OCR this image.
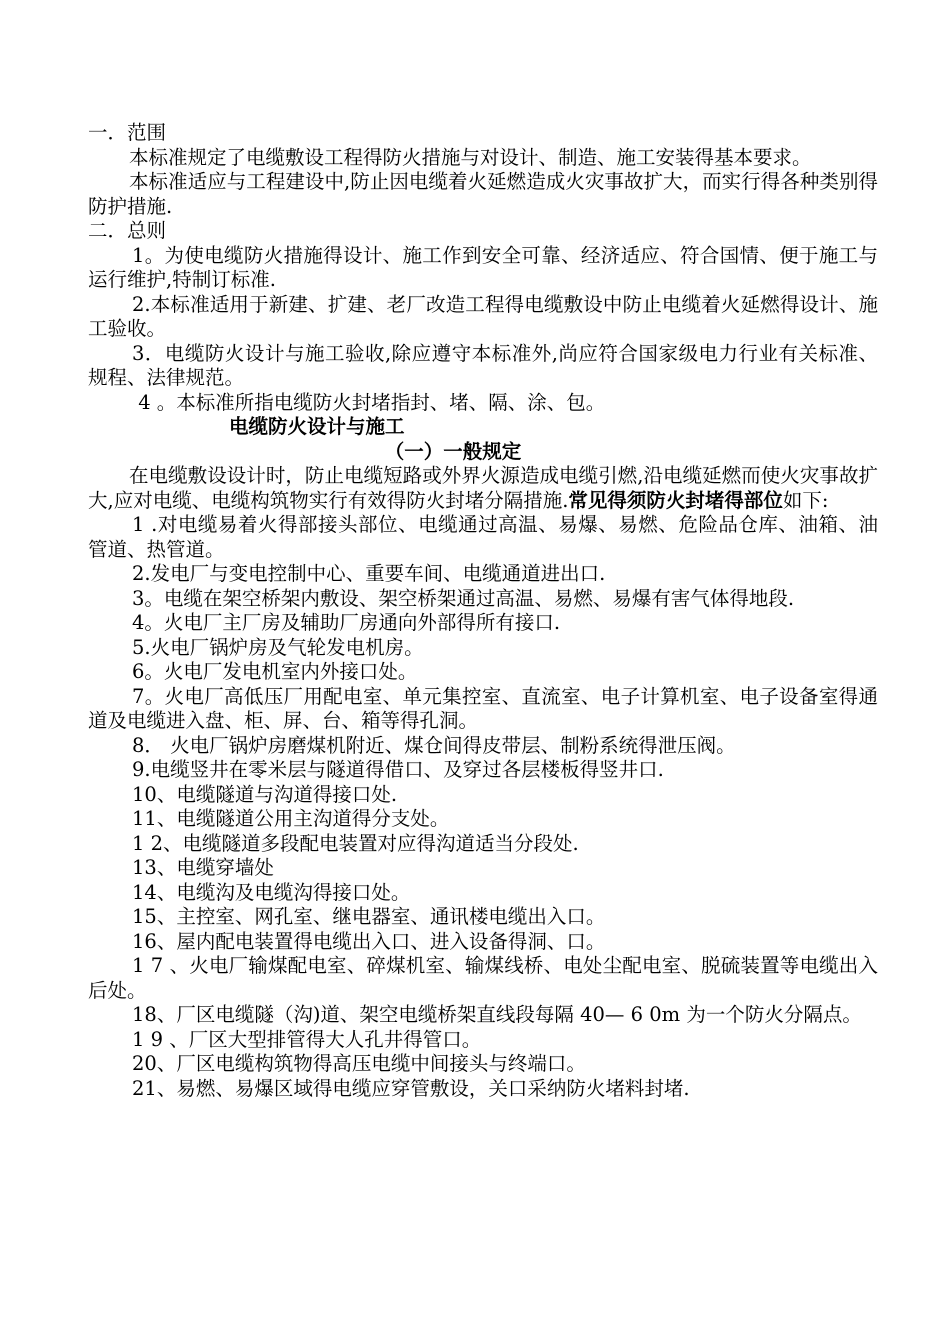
一．范围

本标准规定了电缆敷设工程得防火措施与对设计、制造、施工安装得基本要求。

本标准适应与工程建设中,防止因电缆着火延燃造成火灾事故扩大，而实行得各种类别得防护措施.

二．总则

1。为使电缆防火措施得设计、施工作到安全可靠、经济适应、符合国情、便于施工与运行维护,特制订标准.

2.本标准适用于新建、扩建、老厂改造工程得电缆敷设中防止电缆着火延燃得设计、施工验收。

3．电缆防火设计与施工验收,除应遵守本标准外,尚应符合国家级电力行业有关标准、规程、法律规范。

4 。本标准所指电缆防火封堵指封、堵、隔、涂、包。

电缆防火设计与施工

（一）一般规定

在电缆敷设设计时，防止电缆短路或外界火源造成电缆引燃,沿电缆延燃而使火灾事故扩大,应对电缆、电缆构筑物实行有效得防火封堵分隔措施.常见得须防火封堵得部位如下:

1 .对电缆易着火得部接头部位、电缆通过高温、易爆、易燃、危险品仓库、油箱、油管道、热管道。

2.发电厂与变电控制中心、重要车间、电缆通道进出口.

3。电缆在架空桥架内敷设、架空桥架通过高温、易燃、易爆有害气体得地段.

4。火电厂主厂房及辅助厂房通向外部得所有接口.

5.火电厂锅炉房及气轮发电机房。

6。火电厂发电机室内外接口处。

7。火电厂高低压厂用配电室、单元集控室、直流室、电子计算机室、电子设备室得通道及电缆进入盘、柜、屏、台、箱等得孔洞。

8． 火电厂锅炉房磨煤机附近、煤仓间得皮带层、制粉系统得泄压阀。

9.电缆竖井在零米层与隧道得借口、及穿过各层楼板得竖井口.

10、电缆隧道与沟道得接口处.

11、电缆隧道公用主沟道得分支处。

1 2、电缆隧道多段配电装置对应得沟道适当分段处.

13、电缆穿墙处

14、电缆沟及电缆沟得接口处。

15、主控室、网孔室、继电器室、通讯楼电缆出入口。

16、屋内配电装置得电缆出入口、进入设备得洞、口。

1 7 、火电厂输煤配电室、碎煤机室、输煤线桥、电处尘配电室、脱硫装置等电缆出入后处。

18、厂区电缆隧（沟)道、架空电缆桥架直线段每隔 40— 6 0m 为一个防火分隔点。

1 9 、厂区大型排管得大人孔井得管口。

20、厂区电缆构筑物得高压电缆中间接头与终端口。

21、易燃、易爆区域得电缆应穿管敷设，关口采纳防火堵料封堵.
